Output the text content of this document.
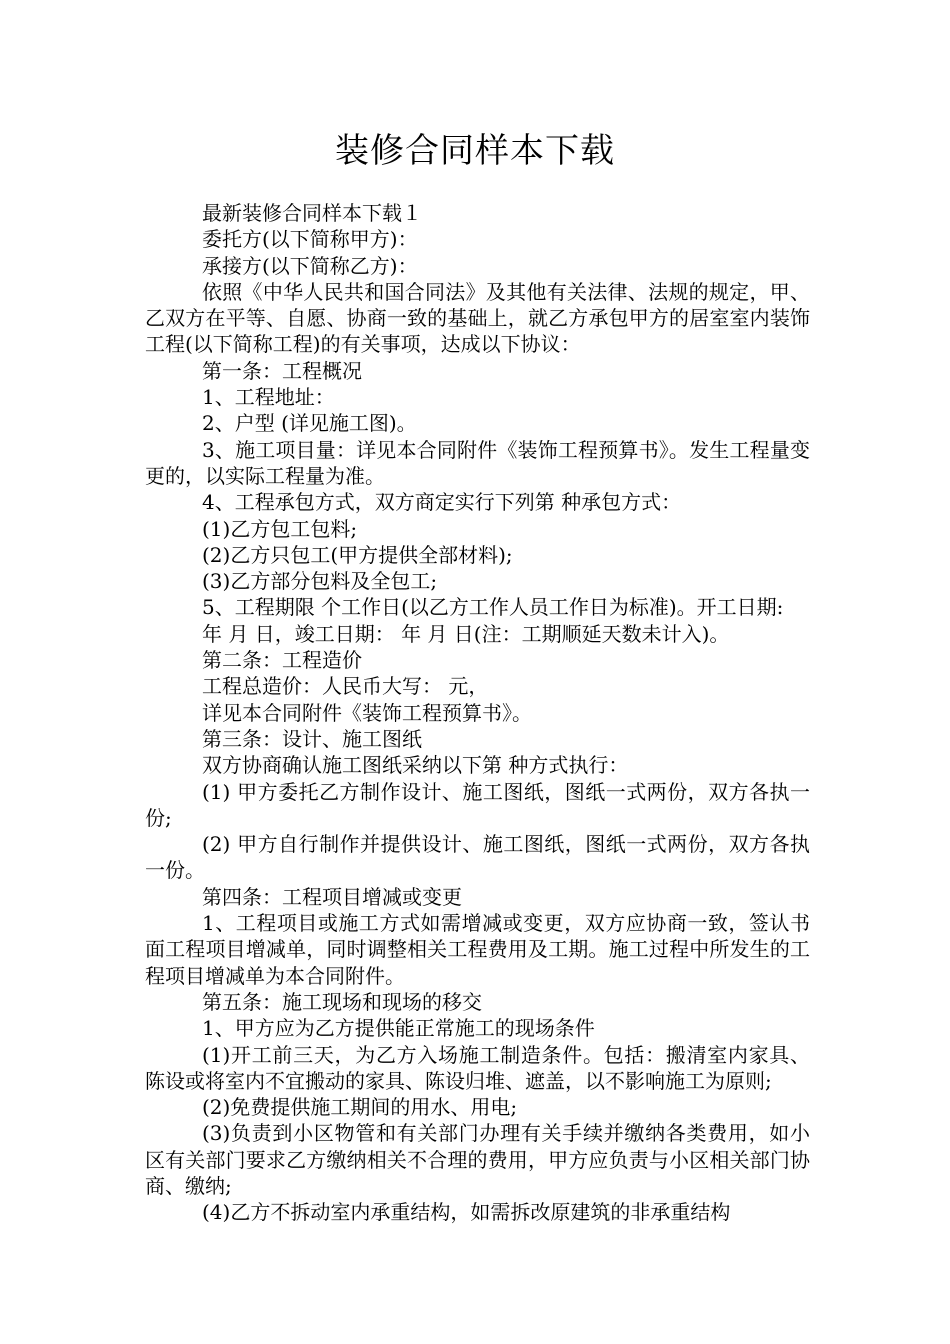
装修合同样本下载

最新装修合同样本下载１

委托方(以下简称甲方)：

承接方(以下简称乙方)：

依照《中华人民共和国合同法》及其他有关法律、法规的规定，甲、乙双方在平等、自愿、协商一致的基础上，就乙方承包甲方的居室室内装饰工程(以下简称工程)的有关事项，达成以下协议：

第一条：工程概况

1、工程地址：

2、户型 (详见施工图)。

3、施工项目量：详见本合同附件《装饰工程预算书》。发生工程量变更的，以实际工程量为准。

4、工程承包方式，双方商定实行下列第 种承包方式：

(1)乙方包工包料;

(2)乙方只包工(甲方提供全部材料);

(3)乙方部分包料及全包工;

5、工程期限 个工作日(以乙方工作人员工作日为标准)。开工日期:

年 月 日，竣工日期： 年 月 日(注：工期顺延天数未计入)。

第二条：工程造价

工程总造价：人民币大写： 元，

详见本合同附件《装饰工程预算书》。

第三条：设计、施工图纸

双方协商确认施工图纸采纳以下第 种方式执行：

(1) 甲方委托乙方制作设计、施工图纸，图纸一式两份，双方各执一份;

(2) 甲方自行制作并提供设计、施工图纸，图纸一式两份，双方各执一份。

第四条：工程项目增减或变更

1、工程项目或施工方式如需增减或变更，双方应协商一致，签认书面工程项目增减单，同时调整相关工程费用及工期。施工过程中所发生的工程项目增减单为本合同附件。

第五条：施工现场和现场的移交

1、甲方应为乙方提供能正常施工的现场条件

(1)开工前三天，为乙方入场施工制造条件。包括：搬清室内家具、陈设或将室内不宜搬动的家具、陈设归堆、遮盖，以不影响施工为原则;

(2)免费提供施工期间的用水、用电;

(3)负责到小区物管和有关部门办理有关手续并缴纳各类费用，如小区有关部门要求乙方缴纳相关不合理的费用，甲方应负责与小区相关部门协商、缴纳;

(4)乙方不拆动室内承重结构，如需拆改原建筑的非承重结构
